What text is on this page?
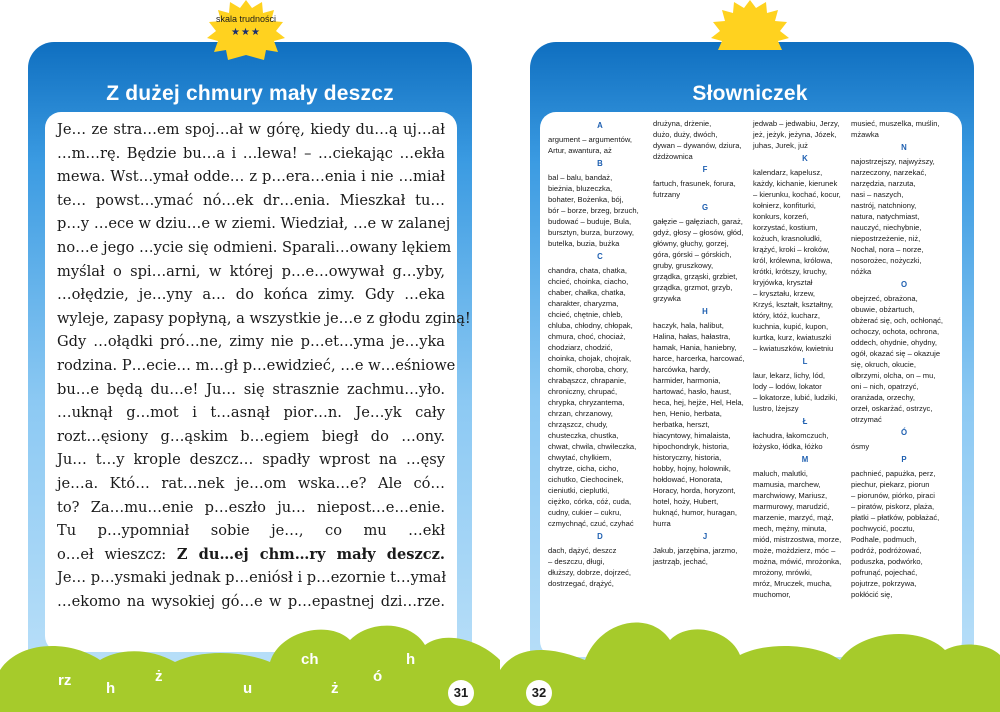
skala trudności
★★★
Z dużej chmury mały deszcz
Je… ze stra…em spoj…ał w górę, kiedy du…ą uj…ał
…m…rę. Będzie bu…a i …lewa! – …ciekając …ekła
mewa. Wst…ymał odde… z p…era…enia i nie …miał
te… powst…ymać nó…ek dr…enia. Mieszkał tu…
p…y …ece w dziu…e w ziemi. Wiedział, …e w zalanej
no…e jego …ycie się odmieni. Sparali…owany lękiem
myślał o spi…arni, w której p…e…owywał g…yby,
…ołędzie, je…yny a… do końca zimy. Gdy …eka
wyleje, zapasy popłyną, a wszystkie je…e z głodu zginą!
Gdy …ołądki pró…ne, zimy nie p…et…yma je…yka
rodzina. P…ecie… m…gł p…ewidzieć, …e w…eśniowe
bu…e będą du…e! Ju… się strasznie zachmu…yło.
…uknął g…mot i t…asnął pior…n. Je…yk cały
rozt…ęsiony g…ąskim b…egiem biegł do …ony.
Ju… t…y krople deszcz… spadły wprost na …ęsy
je…a. Któ… rat…nek je…om wska…e? Ale có…
to? Za…mu…enie p…eszło ju… niepost…e…enie.
Tu p…ypomniał sobie je…, co mu …ekł
o…eł wieszcz: Z du…ej chm…ry mały deszcz.
Je… p…ysmaki jednak p…eniósł i p…ezornie t…ymał
…ekomo na wysokiej gó…e w p…epastnej dzi…rze.
rz h
ż
u
ch
ż
ó
h
31
Słowniczek
A
argument – argumentów,
Artur, awantura, aż
B
bal – balu, bandaż,
bieżnia, bluzeczka,
bohater, Bożenka, bój,
bór – borze, brzeg, brzuch,
budować – buduje, Bula,
bursztyn, burza, burzowy,
butelka, buzia, bużka
C
chandra, chata, chatka,
chcieć, choinka, ciacho,
chaber, chałka, chatka,
charakter, charyzma,
chcieć, chętnie, chleb,
chluba, chłodny, chłopak,
chmura, choć, chociaż,
chodziarz, chodzić,
choinka, chojak, chojrak,
chomik, choroba, chory,
chrabąszcz, chrapanie,
chroniczny, chrupać,
chrypka, chryzantema,
chrzan, chrzanowy,
chrząszcz, chudy,
chusteczka, chustka,
chwat, chwila, chwileczka,
chwytać, chylkiem,
chytrze, cicha, cicho,
cichutko, Ciechocinek,
cieniutki, cieplutki,
ciężko, córka, cóż, cuda,
cudny, cukier – cukru,
czmychnąć, czuć, czyhać
D
dach, dążyć, deszcz
– deszczu, długi,
dłuższy, dobrze, dojrzeć,
dostrzegać, drążyć,
drużyna, drżenie,
dużo, duży, dwóch,
dywan – dywanów, dziura,
dżdżownica
F
fartuch, frasunek, forura,
futrzany
G
gałęzie – gałęziach, garaż,
gdyż, głosy – głosów, głód,
główny, głuchy, gorzej,
góra, górski – górskich,
gruby, gruszkowy,
grządka, grząski, grzbiet,
grządka, grzmot, grzyb,
grzywka
H
haczyk, hala, halibut,
Halina, hałas, hałastra,
hamak, Hania, haniebny,
harce, harcerka, harcować,
harcówka, hardy,
harmider, harmonia,
hartować, hasło, haust,
heca, hej, hejże, Hel, Hela,
hen, Henio, herbata,
herbatka, herszt,
hiacyntowy, himalaista,
hipochondryk, historia,
historyczny, historia,
hobby, hojny, holownik,
hołdować, Honorata,
Horacy, horda, horyzont,
hotel, hoży, Hubert,
huknąć, humor, huragan,
hurra
J
Jakub, jarzębina, jarzmo,
jastrząb, jechać,
jedwab – jedwabiu, Jerzy,
jeż, jeżyk, jeżyna, Józek,
juhas, Jurek, już
K
kalendarz, kapelusz,
każdy, kichanie, kierunek
– kierunku, kochać, kocur,
kołnierz, konfiturki,
konkurs, korzeń,
korzystać, kostium,
kożuch, krasnoludki,
krążyć, kroki – kroków,
król, królewna, królowa,
krótki, krótszy, kruchy,
kryjówka, kryształ
– kryształu, krzew,
Krzyś, kształt, kształtny,
który, któż, kucharz,
kuchnia, kupić, kupon,
kurtka, kurz, kwiatuszki
– kwiatuszków, kwietniu
L
laur, lekarz, lichy, lód,
lody – lodów, lokator
– lokatorze, lubić, ludziki,
lustro, lżejszy
Ł
łachudra, łakomczuch,
łożysko, łódka, łóżko
M
maluch, malutki,
mamusia, marchew,
marchwiowy, Mariusz,
marmurowy, marudzić,
marzenie, marzyć, mąż,
mech, mężny, minuta,
miód, mistrzostwa, morze,
może, możdzierz, móc –
można, mówić, mrożonka,
mrożony, mrówki,
mróz, Mruczek, mucha,
muchomor,
musieć, muszelka, muślin,
mżawka
N
najostrzejszy, najwyższy,
narzeczony, narzekać,
narzędzia, narzuta,
nasi – naszych,
nastrój, natchniony,
natura, natychmiast,
nauczyć, niechybnie,
niepostrzeżenie, niż,
Nochal, nora – norze,
nosorożec, nożyczki,
nóżka
O
obejrzeć, obrażona,
obuwie, obżartuch,
obżerać się, och, ochłonąć,
ochoczy, ochota, ochrona,
oddech, ohydnie, ohydny,
ogół, okazać się – okazuje
się, okruch, okucie,
olbrzymi, olcha, on – mu,
oni – nich, opatrzyć,
oranżada, orzechy,
orzeł, oskarżać, ostrzyc,
otrzymać
Ó
ósmy
P
pachnieć, papużka, perz,
piechur, piekarz, piorun
– piorunów, piórko, piraci
– piratów, piskorz, plaża,
płatki – płatków, pobłażać,
pochwycić, pocztu,
Podhale, podmuch,
podróż, podróżować,
poduszka, podwórko,
pofrunąć, pojechać,
pojutrze, pokrzywa,
pokłócić się,
32
